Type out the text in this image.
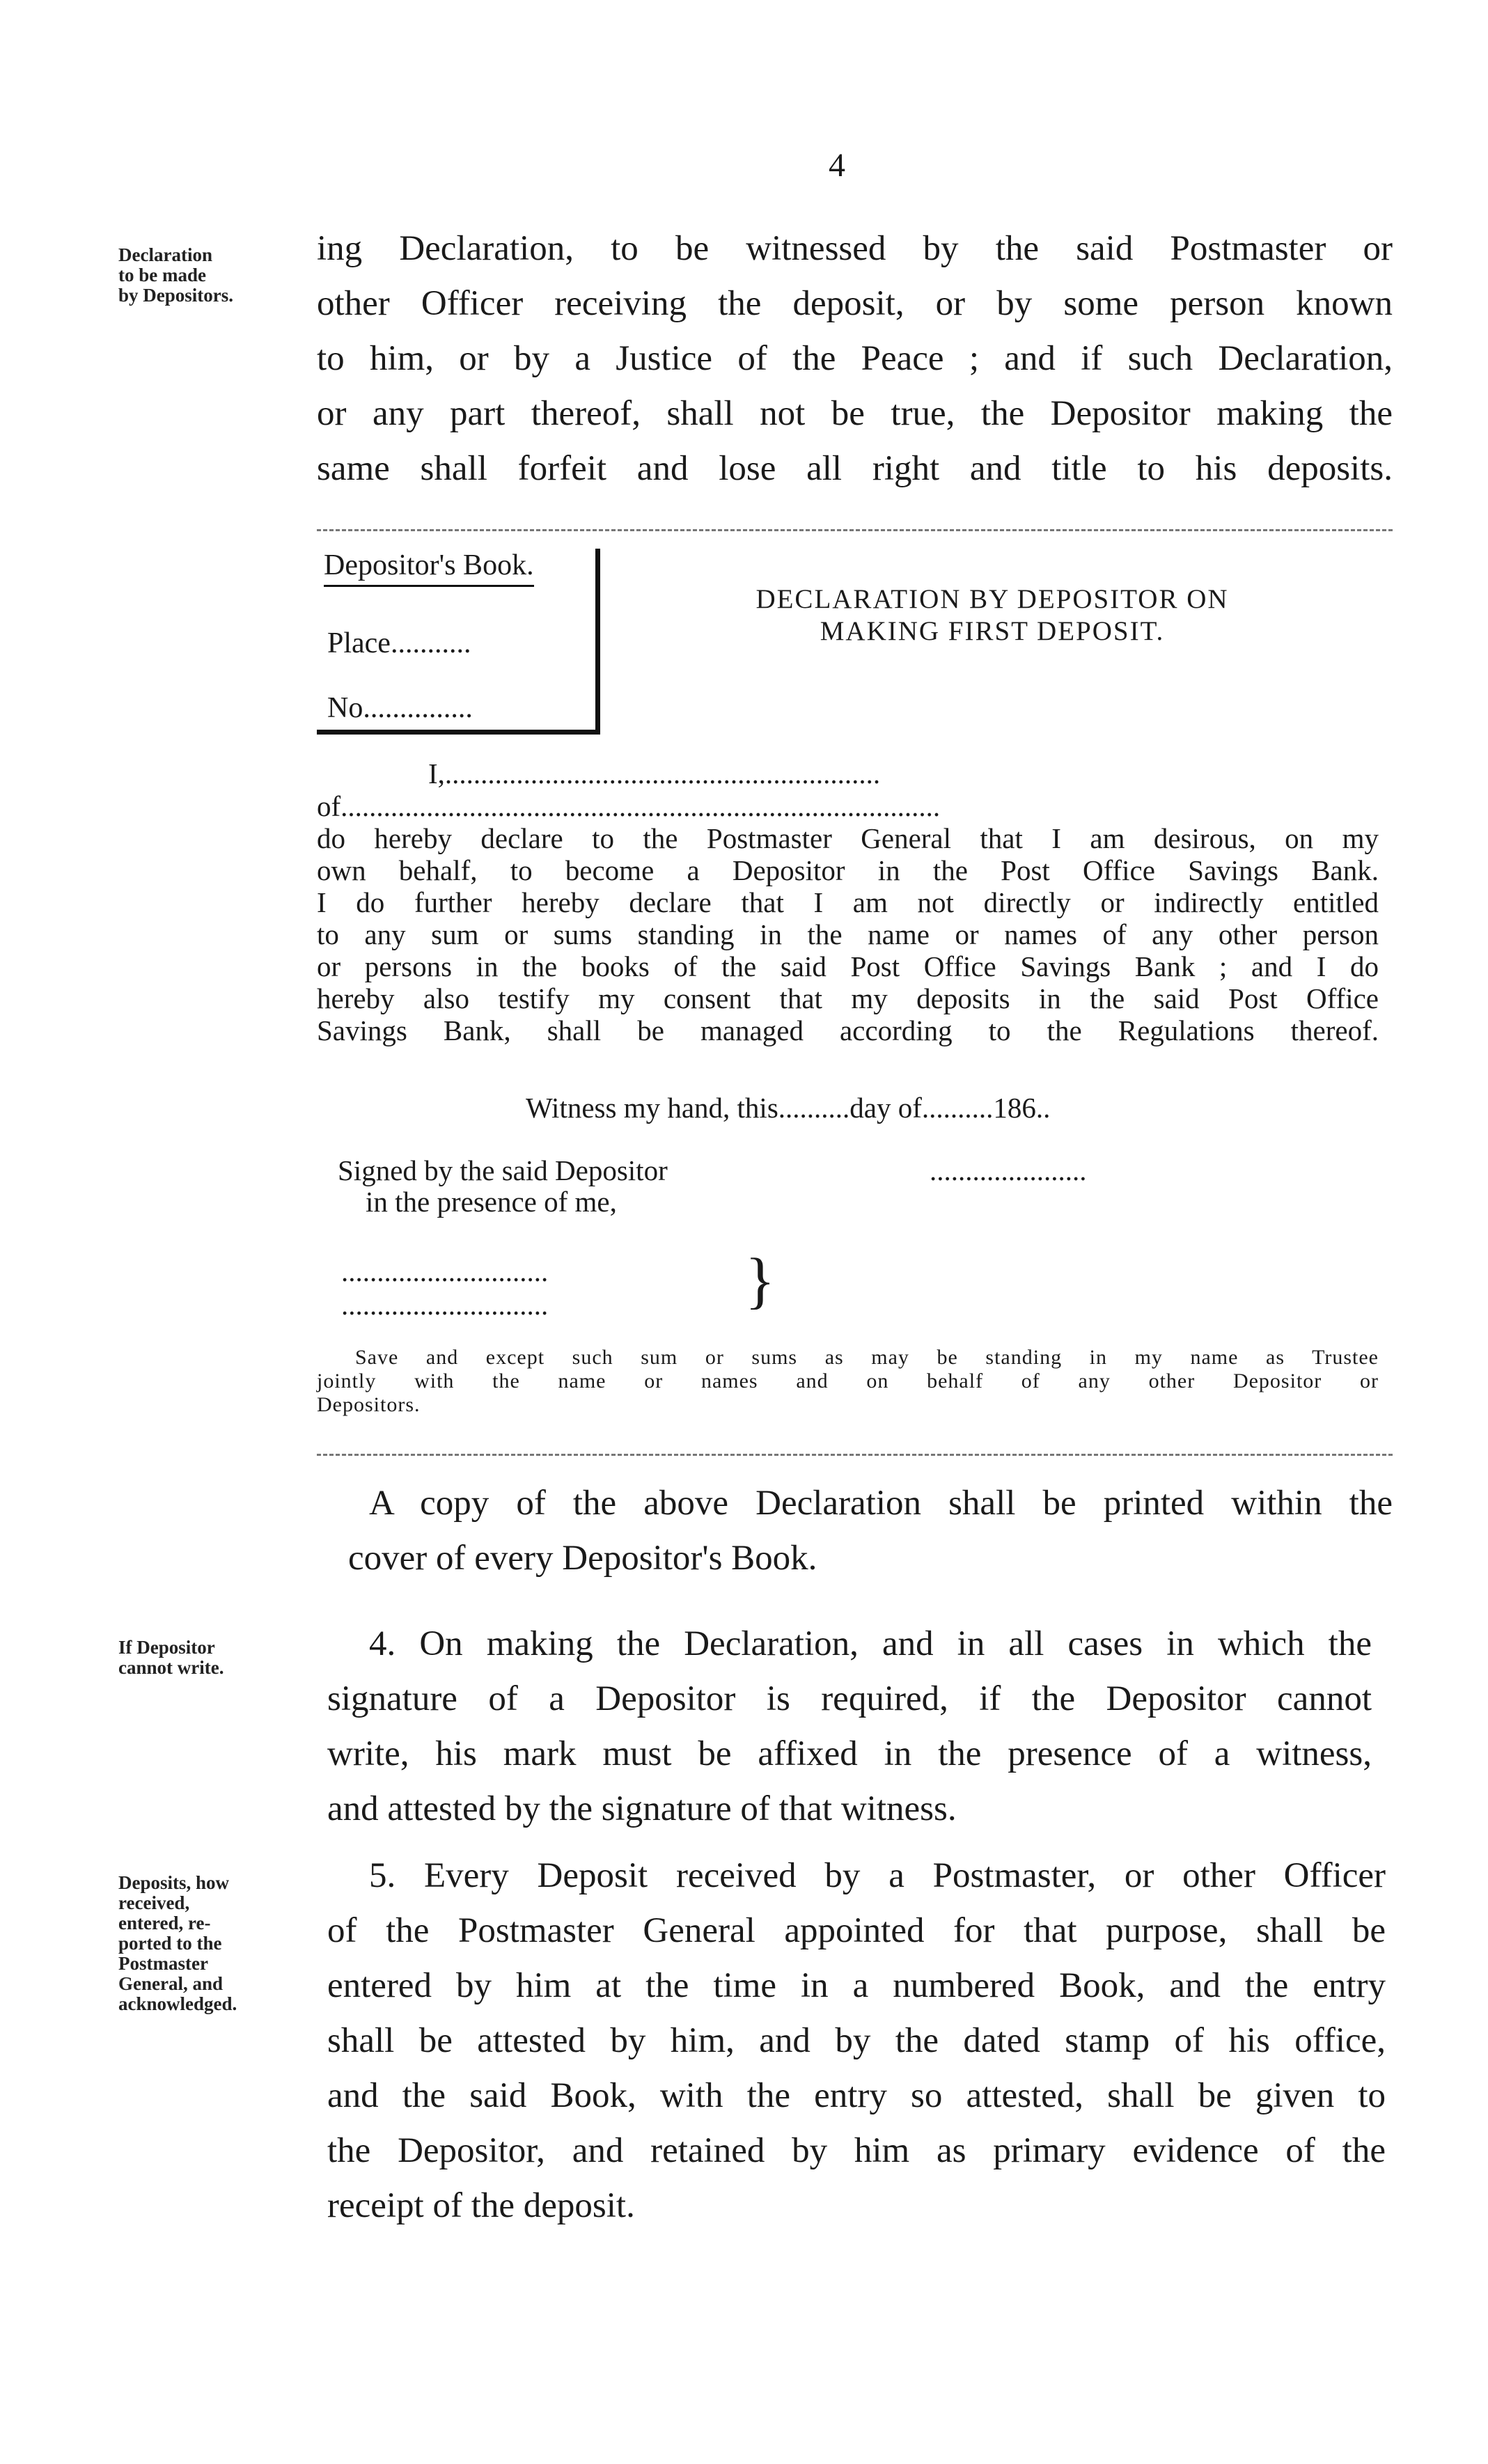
4
Declaration
to be made
by Depositors.
ing Declaration, to be witnessed by the said Postmaster or
other Officer receiving the deposit, or by some person known
to him, or by a Justice of the Peace ; and if such Declaration,
or any part thereof, shall not be true, the Depositor making the
same shall forfeit and lose all right and title to his deposits.
Depositor's Book.
Place...........
No...............
DECLARATION BY DEPOSITOR ON
MAKING FIRST DEPOSIT.
I,.............................................................
of....................................................................................
do hereby declare to the Postmaster General that I am desirous, on my
own behalf, to become a Depositor in the Post Office Savings Bank.
I do further hereby declare that I am not directly or indirectly entitled
to any sum or sums standing in the name or names of any other person
or persons in the books of the said Post Office Savings Bank ; and I do
hereby also testify my consent that my deposits in the said Post Office
Savings Bank, shall be managed according to the Regulations thereof.
Witness my hand, this..........day of..........186..
Signed by the said Depositor
in the presence of me,
......................
.............................
.............................	}
Save and except such sum or sums as may be standing in my name as Trustee
jointly with the name or names and on behalf of any other Depositor or
Depositors.
A copy of the above Declaration shall be printed within the
cover of every Depositor's Book.
If Depositor
cannot write.
4. On making the Declaration, and in all cases in which the
signature of a Depositor is required, if the Depositor cannot
write, his mark must be affixed in the presence of a witness,
and attested by the signature of that witness.
Deposits, how
received,
entered, re-
ported to the
Postmaster
General, and
acknowledged.
5. Every Deposit received by a Postmaster, or other Officer
of the Postmaster General appointed for that purpose, shall be
entered by him at the time in a numbered Book, and the entry
shall be attested by him, and by the dated stamp of his office,
and the said Book, with the entry so attested, shall be given to
the Depositor, and retained by him as primary evidence of the
receipt of the deposit.
